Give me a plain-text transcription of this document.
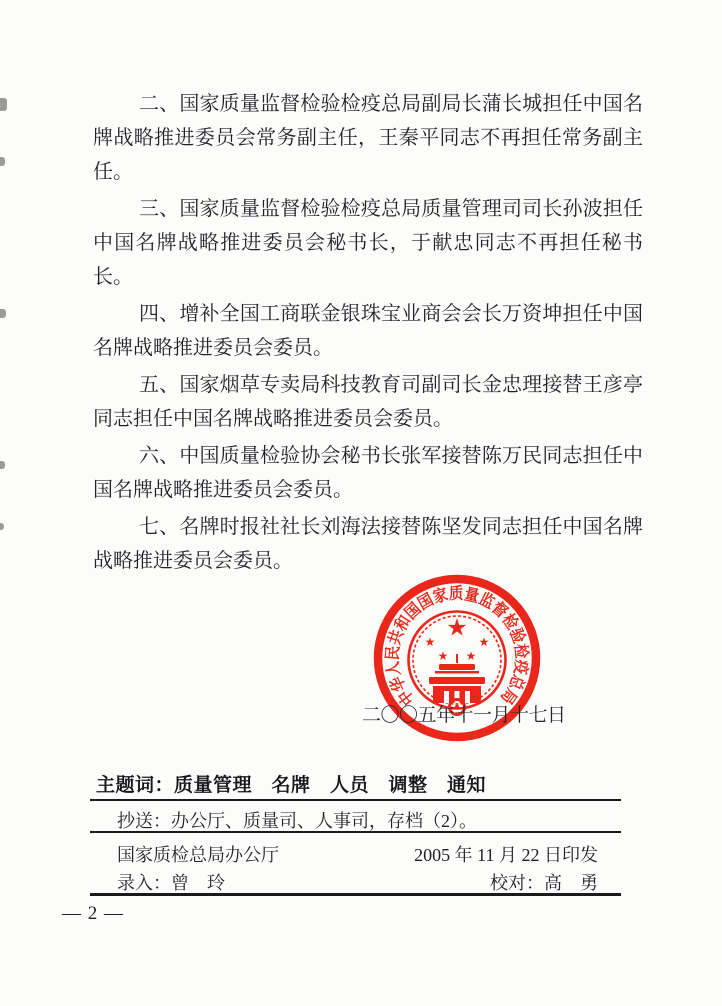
二、国家质量监督检验检疫总局副局长蒲长城担任中国名牌战略推进委员会常务副主任，王秦平同志不再担任常务副主任。

三、国家质量监督检验检疫总局质量管理司司长孙波担任中国名牌战略推进委员会秘书长，于献忠同志不再担任秘书长。

四、增补全国工商联金银珠宝业商会会长万资坤担任中国名牌战略推进委员会委员。

五、国家烟草专卖局科技教育司副司长金忠理接替王彦亭同志担任中国名牌战略推进委员会委员。

六、中国质量检验协会秘书长张军接替陈万民同志担任中国名牌战略推进委员会委员。

七、名牌时报社社长刘海法接替陈坚发同志担任中国名牌战略推进委员会委员。

中华人民共和国国家质量监督检验检疫总局
★
★	★
★ ★
二〇〇五年十一月十七日
主题词：质量管理　名牌　人员　调整　通知
抄送：办公厅、质量司、人事司，存档（2）。
国家质检总局办公厅	2005 年 11 月 22 日印发
录入：曾　玲	校对：高　勇
— 2 —
